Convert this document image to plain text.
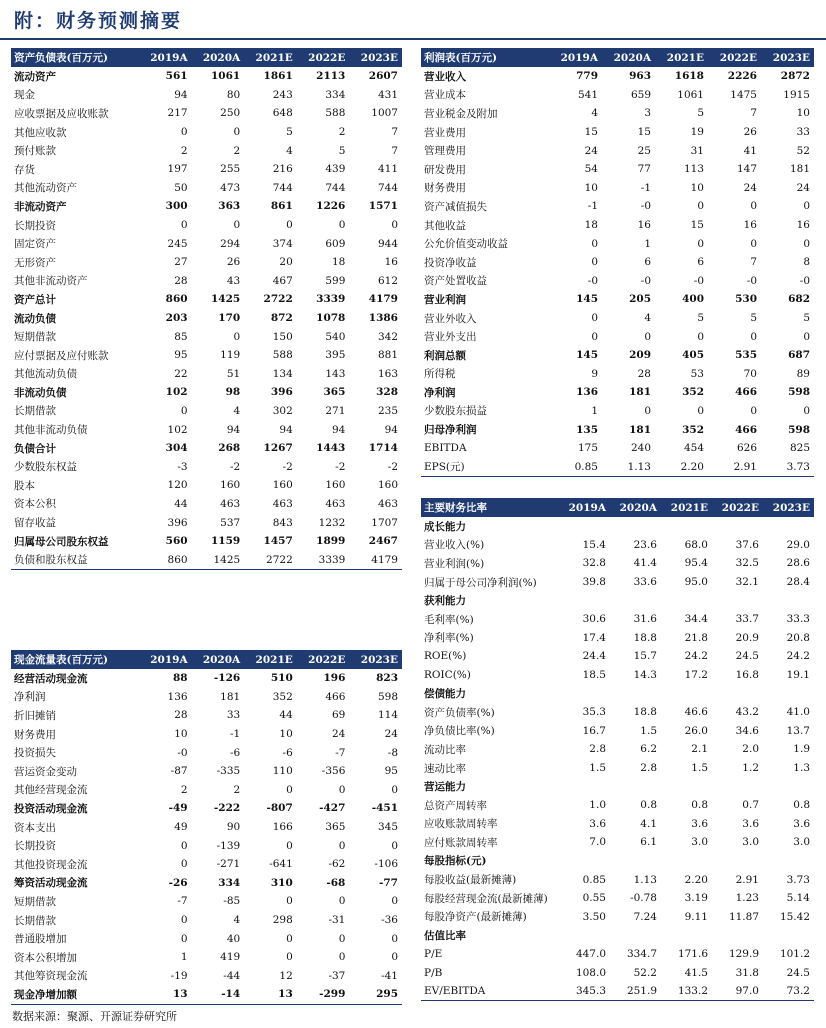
附：财务预测摘要
资产负债表(百万元)	2019A	2020A	2021E	2022E	2023E
流动资产	561	1061	1861	2113	2607
现金	94	80	243	334	431
应收票据及应收账款	217	250	648	588	1007
其他应收款	0	0	5	2	7
预付账款	2	2	4	5	7
存货	197	255	216	439	411
其他流动资产	50	473	744	744	744
非流动资产	300	363	861	1226	1571
长期投资	0	0	0	0	0
固定资产	245	294	374	609	944
无形资产	27	26	20	18	16
其他非流动资产	28	43	467	599	612
资产总计	860	1425	2722	3339	4179
流动负债	203	170	872	1078	1386
短期借款	85	0	150	540	342
应付票据及应付账款	95	119	588	395	881
其他流动负债	22	51	134	143	163
非流动负债	102	98	396	365	328
长期借款	0	4	302	271	235
其他非流动负债	102	94	94	94	94
负债合计	304	268	1267	1443	1714
少数股东权益	-3	-2	-2	-2	-2
股本	120	160	160	160	160
资本公积	44	463	463	463	463
留存收益	396	537	843	1232	1707
归属母公司股东权益	560	1159	1457	1899	2467
负债和股东权益	860	1425	2722	3339	4179
利润表(百万元)	2019A	2020A	2021E	2022E	2023E
营业收入	779	963	1618	2226	2872
营业成本	541	659	1061	1475	1915
营业税金及附加	4	3	5	7	10
营业费用	15	15	19	26	33
管理费用	24	25	31	41	52
研发费用	54	77	113	147	181
财务费用	10	-1	10	24	24
资产减值损失	-1	-0	0	0	0
其他收益	18	16	15	16	16
公允价值变动收益	0	1	0	0	0
投资净收益	0	6	6	7	8
资产处置收益	-0	-0	-0	-0	-0
营业利润	145	205	400	530	682
营业外收入	0	4	5	5	5
营业外支出	0	0	0	0	0
利润总额	145	209	405	535	687
所得税	9	28	53	70	89
净利润	136	181	352	466	598
少数股东损益	1	0	0	0	0
归母净利润	135	181	352	466	598
EBITDA	175	240	454	626	825
EPS(元)	0.85	1.13	2.20	2.91	3.73
主要财务比率	2019A	2020A	2021E	2022E	2023E
成长能力					
营业收入(%)	15.4	23.6	68.0	37.6	29.0
营业利润(%)	32.8	41.4	95.4	32.5	28.6
归属于母公司净利润(%)	39.8	33.6	95.0	32.1	28.4
获利能力					
毛利率(%)	30.6	31.6	34.4	33.7	33.3
净利率(%)	17.4	18.8	21.8	20.9	20.8
ROE(%)	24.4	15.7	24.2	24.5	24.2
ROIC(%)	18.5	14.3	17.2	16.8	19.1
偿债能力					
资产负债率(%)	35.3	18.8	46.6	43.2	41.0
净负债比率(%)	16.7	1.5	26.0	34.6	13.7
流动比率	2.8	6.2	2.1	2.0	1.9
速动比率	1.5	2.8	1.5	1.2	1.3
营运能力					
总资产周转率	1.0	0.8	0.8	0.7	0.8
应收账款周转率	3.6	4.1	3.6	3.6	3.6
应付账款周转率	7.0	6.1	3.0	3.0	3.0
每股指标(元)					
每股收益(最新摊薄)	0.85	1.13	2.20	2.91	3.73
每股经营现金流(最新摊薄)	0.55	-0.78	3.19	1.23	5.14
每股净资产(最新摊薄)	3.50	7.24	9.11	11.87	15.42
估值比率					
P/E	447.0	334.7	171.6	129.9	101.2
P/B	108.0	52.2	41.5	31.8	24.5
EV/EBITDA	345.3	251.9	133.2	97.0	73.2
现金流量表(百万元)	2019A	2020A	2021E	2022E	2023E
经营活动现金流	88	-126	510	196	823
净利润	136	181	352	466	598
折旧摊销	28	33	44	69	114
财务费用	10	-1	10	24	24
投资损失	-0	-6	-6	-7	-8
营运资金变动	-87	-335	110	-356	95
其他经营现金流	2	2	0	0	0
投资活动现金流	-49	-222	-807	-427	-451
资本支出	49	90	166	365	345
长期投资	0	-139	0	0	0
其他投资现金流	0	-271	-641	-62	-106
筹资活动现金流	-26	334	310	-68	-77
短期借款	-7	-85	0	0	0
长期借款	0	4	298	-31	-36
普通股增加	0	40	0	0	0
资本公积增加	1	419	0	0	0
其他筹资现金流	-19	-44	12	-37	-41
现金净增加额	13	-14	13	-299	295
数据来源：聚源、开源证券研究所
